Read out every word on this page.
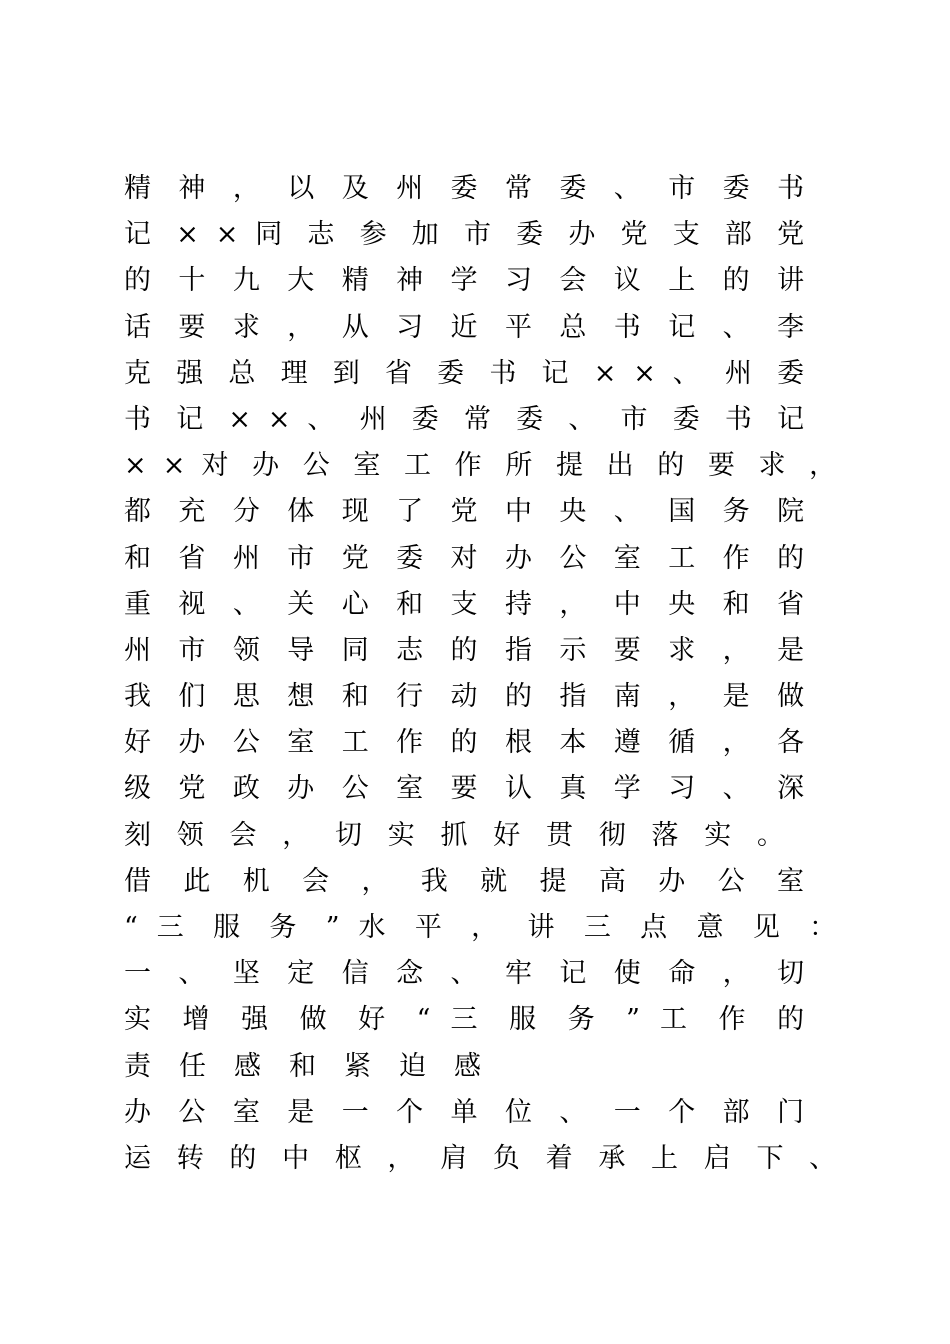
精 神 ， 以 及 州 委 常 委 、 市 委 书
记 × × 同 志 参 加 市 委 办 党 支 部 党
的 十 九 大 精 神 学 习 会 议 上 的 讲
话 要 求 ， 从 习 近 平 总 书 记 、 李
克 强 总 理 到 省 委 书 记 × × 、 州 委
书 记 × × 、 州 委 常 委 、 市 委 书 记
× × 对 办 公 室 工 作 所 提 出 的 要 求 ，
都 充 分 体 现 了 党 中 央 、 国 务 院
和 省 州 市 党 委 对 办 公 室 工 作 的
重 视 、 关 心 和 支 持 ， 中 央 和 省
州 市 领 导 同 志 的 指 示 要 求 ， 是
我 们 思 想 和 行 动 的 指 南 ， 是 做
好 办 公 室 工 作 的 根 本 遵 循 ， 各
级 党 政 办 公 室 要 认 真 学 习 、 深
刻 领 会 ， 切 实 抓 好 贯 彻 落 实 。
借 此 机 会 ， 我 就 提 高 办 公 室
“ 三 服 务 ” 水 平 ， 讲 三 点 意 见 ：
一 、 坚 定 信 念 、 牢 记 使 命 ， 切
实 增 强 做 好 “ 三 服 务 ” 工 作 的
责任感和紧迫感
办 公 室 是 一 个 单 位 、 一 个 部 门
运 转 的 中 枢 ， 肩 负 着 承 上 启 下 、
